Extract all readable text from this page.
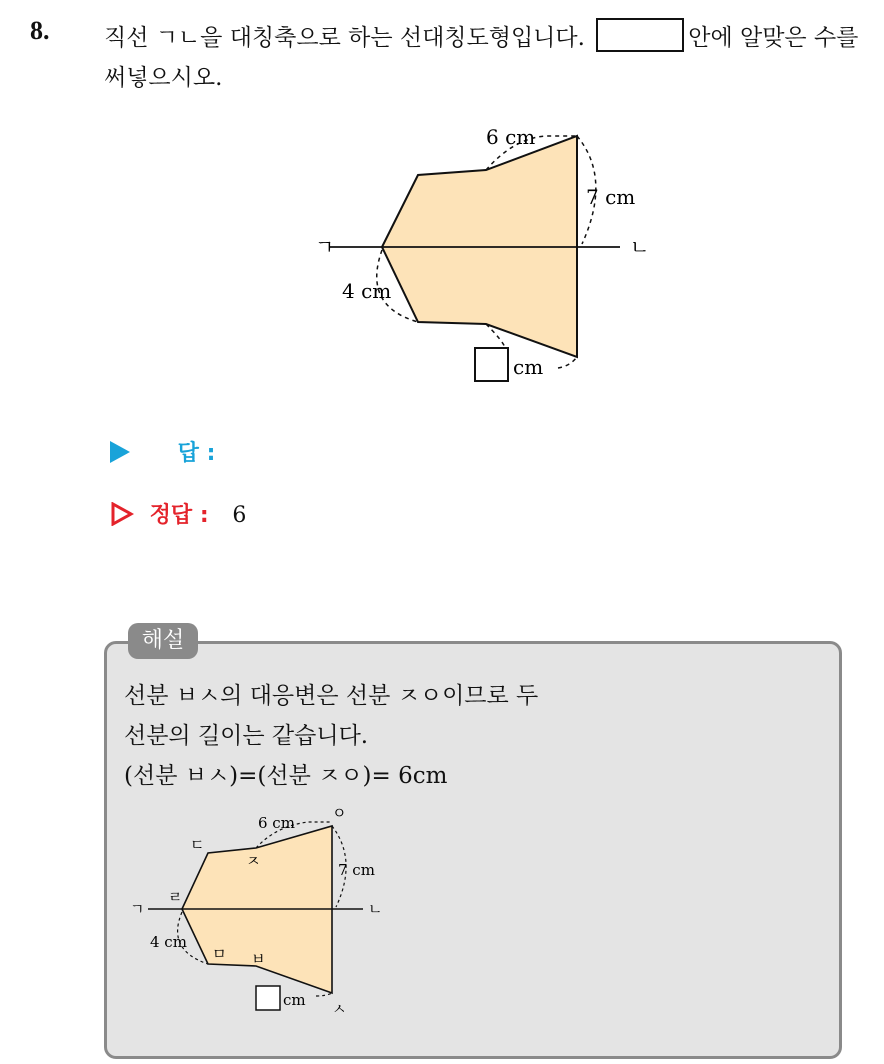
8. 직선 ㄱㄴ을 대칭축으로 하는 선대칭도형입니다.	안에 알맞은 수를 써넣으시오.
6 cm
7 cm
4 cm
cm
ㄱ	ㄴ
답 :
정답 : 6
해설
선분 ㅂㅅ의 대응변은 선분 ㅈㅇ이므로 두
선분의 길이는 같습니다.
(선분 ㅂㅅ)=(선분 ㅈㅇ)= 6cm
6 cm
7 cm
4 cm
cm
ㅇ
ㄷ
ㅈ
ㄹ
ㅁ ㅂ
ㅅ
ㄱ	ㄴ
